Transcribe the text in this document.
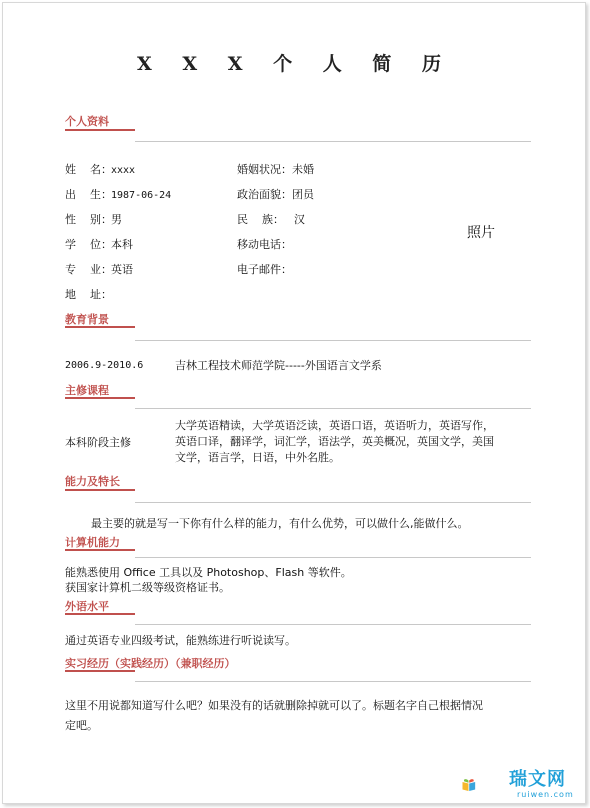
X X X 个 人 简 历
个人资料
姓    名：xxxx
出    生：1987-06-24
性    别：男
学    位：本科
专    业：英语
地    址：
婚姻状况：未婚
政治面貌：团员
民    族： 汉
移动电话：
电子邮件：
照片
教育背景
2006.9-2010.6	吉林工程技术师范学院-----外国语言文学系
主修课程
本科阶段主修
大学英语精读，大学英语泛读，英语口语，英语听力，英语写作，
英语口译，翻译学，词汇学，语法学，英美概况，英国文学，美国
文学，语言学，日语，中外名胜。
能力及特长
最主要的就是写一下你有什么样的能力，有什么优势，可以做什么,能做什么。
计算机能力
能熟悉使用 Office 工具以及 Photoshop、Flash 等软件。
获国家计算机二级等级资格证书。
外语水平
通过英语专业四级考试，能熟练进行听说读写。
实习经历（实践经历）（兼职经历）
这里不用说都知道写什么吧？如果没有的话就删除掉就可以了。标题名字自己根据情况
定吧。
瑞文网
ruiwen.com
